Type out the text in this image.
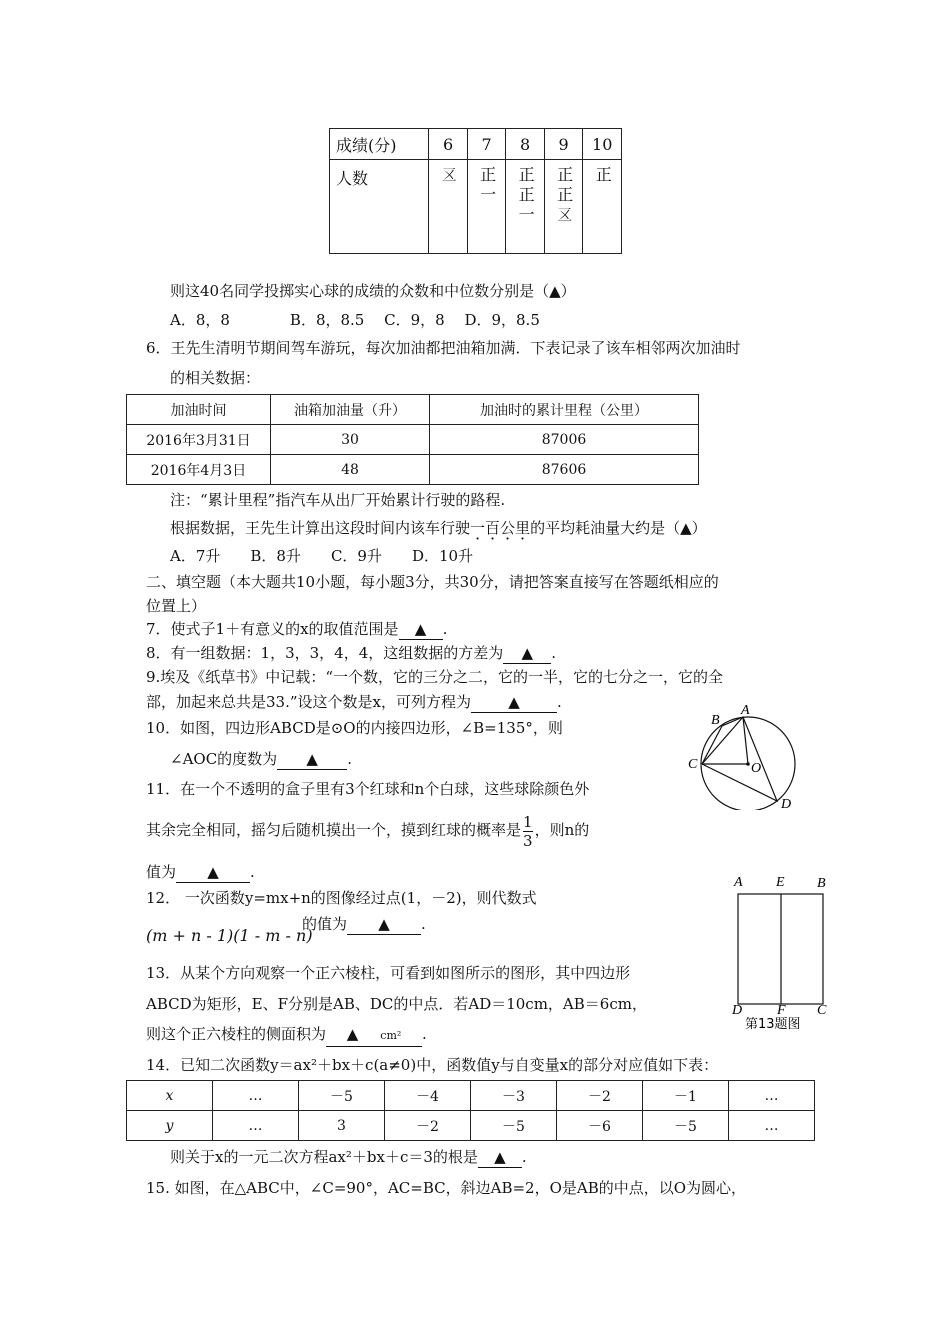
成绩(分)	6	7	8	9	10
人数	𠄡	正一	正正一	正正𠄡	正
则这40名同学投掷实心球的成绩的众数和中位数分别是（▲）
A．8，8　　　　B．8，8.5　 C．9，8　 D．9，8.5
6．王先生清明节期间驾车游玩，每次加油都把油箱加满．下表记录了该车相邻两次加油时
的相关数据：
加油时间	油箱加油量（升）	加油时的累计里程（公里）
2016年3月31日	30	87006
2016年4月3日	48	87606
注：“累计里程”指汽车从出厂开始累计行驶的路程.
根据数据，王先生计算出这段时间内该车行驶一百公里的平均耗油量大约是（▲）
A．7升　　B．8升　　C．9升　　D．10升
二、填空题（本大题共10小题，每小题3分，共30分，请把答案直接写在答题纸相应的
位置上）
7．使式子1＋有意义的x的取值范围是 ▲ .
8．有一组数据：1，3，3，4，4，这组数据的方差为 ▲ .
9.埃及《纸草书》中记载：“一个数，它的三分之二，它的一半，它的七分之一，它的全
部，加起来总共是33.”设这个数是x，可列方程为 ▲ .
10．如图，四边形ABCD是⊙O的内接四边形，∠B=135°，则
∠AOC的度数为 ▲ .
A
B
C	O
D
11．在一个不透明的盒子里有3个红球和n个白球，这些球除颜色外
其余完全相同，摇匀后随机摸出一个，摸到红球的概率是 $\frac{1}{3}$ ，则n的
值为 ▲ .
12． 一次函数y=mx+n的图像经过点(1，－2)，则代数式
(m + n - 1)(1 - m - n)
的值为 ▲ .
13．从某个方向观察一个正六棱柱，可看到如图所示的图形，其中四边形
ABCD为矩形，E、F分别是AB、DC的中点．若AD＝10cm，AB＝6cm，
则这个正六棱柱的侧面积为 ▲ cm² .
A E B
D F C
第13题图
14．已知二次函数y＝ax²＋bx＋c(a≠0)中，函数值y与自变量x的部分对应值如下表：
x	…	－5	－4	－3	－2	－1	…
y	…	3	－2	－5	－6	－5	…
则关于x的一元二次方程ax²＋bx＋c＝3的根是 ▲ .
15. 如图，在△ABC中，∠C=90°，AC=BC，斜边AB=2，O是AB的中点，以O为圆心，
